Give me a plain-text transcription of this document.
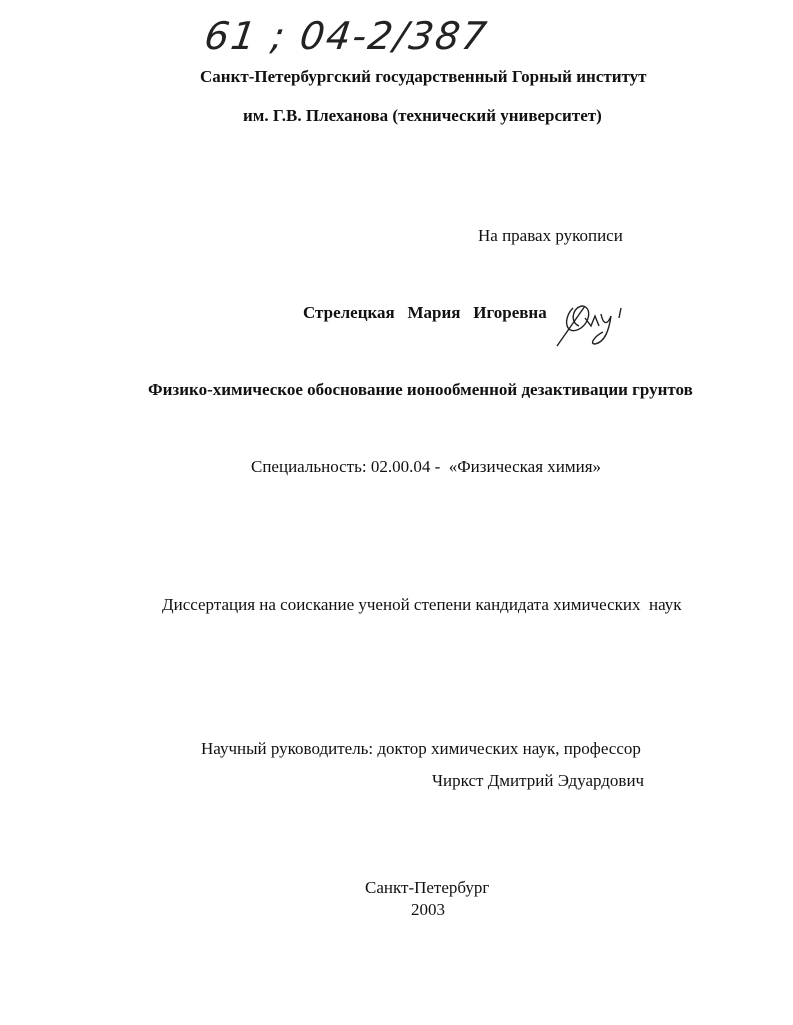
61 ; 04-2/387
Санкт-Петербургский государственный Горный институт
им. Г.В. Плеханова (технический университет)
На правах рукописи
Стрелецкая   Мария   Игоревна
Физико-химическое обоснование ионообменной дезактивации грунтов
Специальность: 02.00.04 -  «Физическая химия»
Диссертация на соискание ученой степени кандидата химических  наук
Научный руководитель: доктор химических наук, профессор
Чиркст Дмитрий Эдуардович
Санкт-Петербург
2003
